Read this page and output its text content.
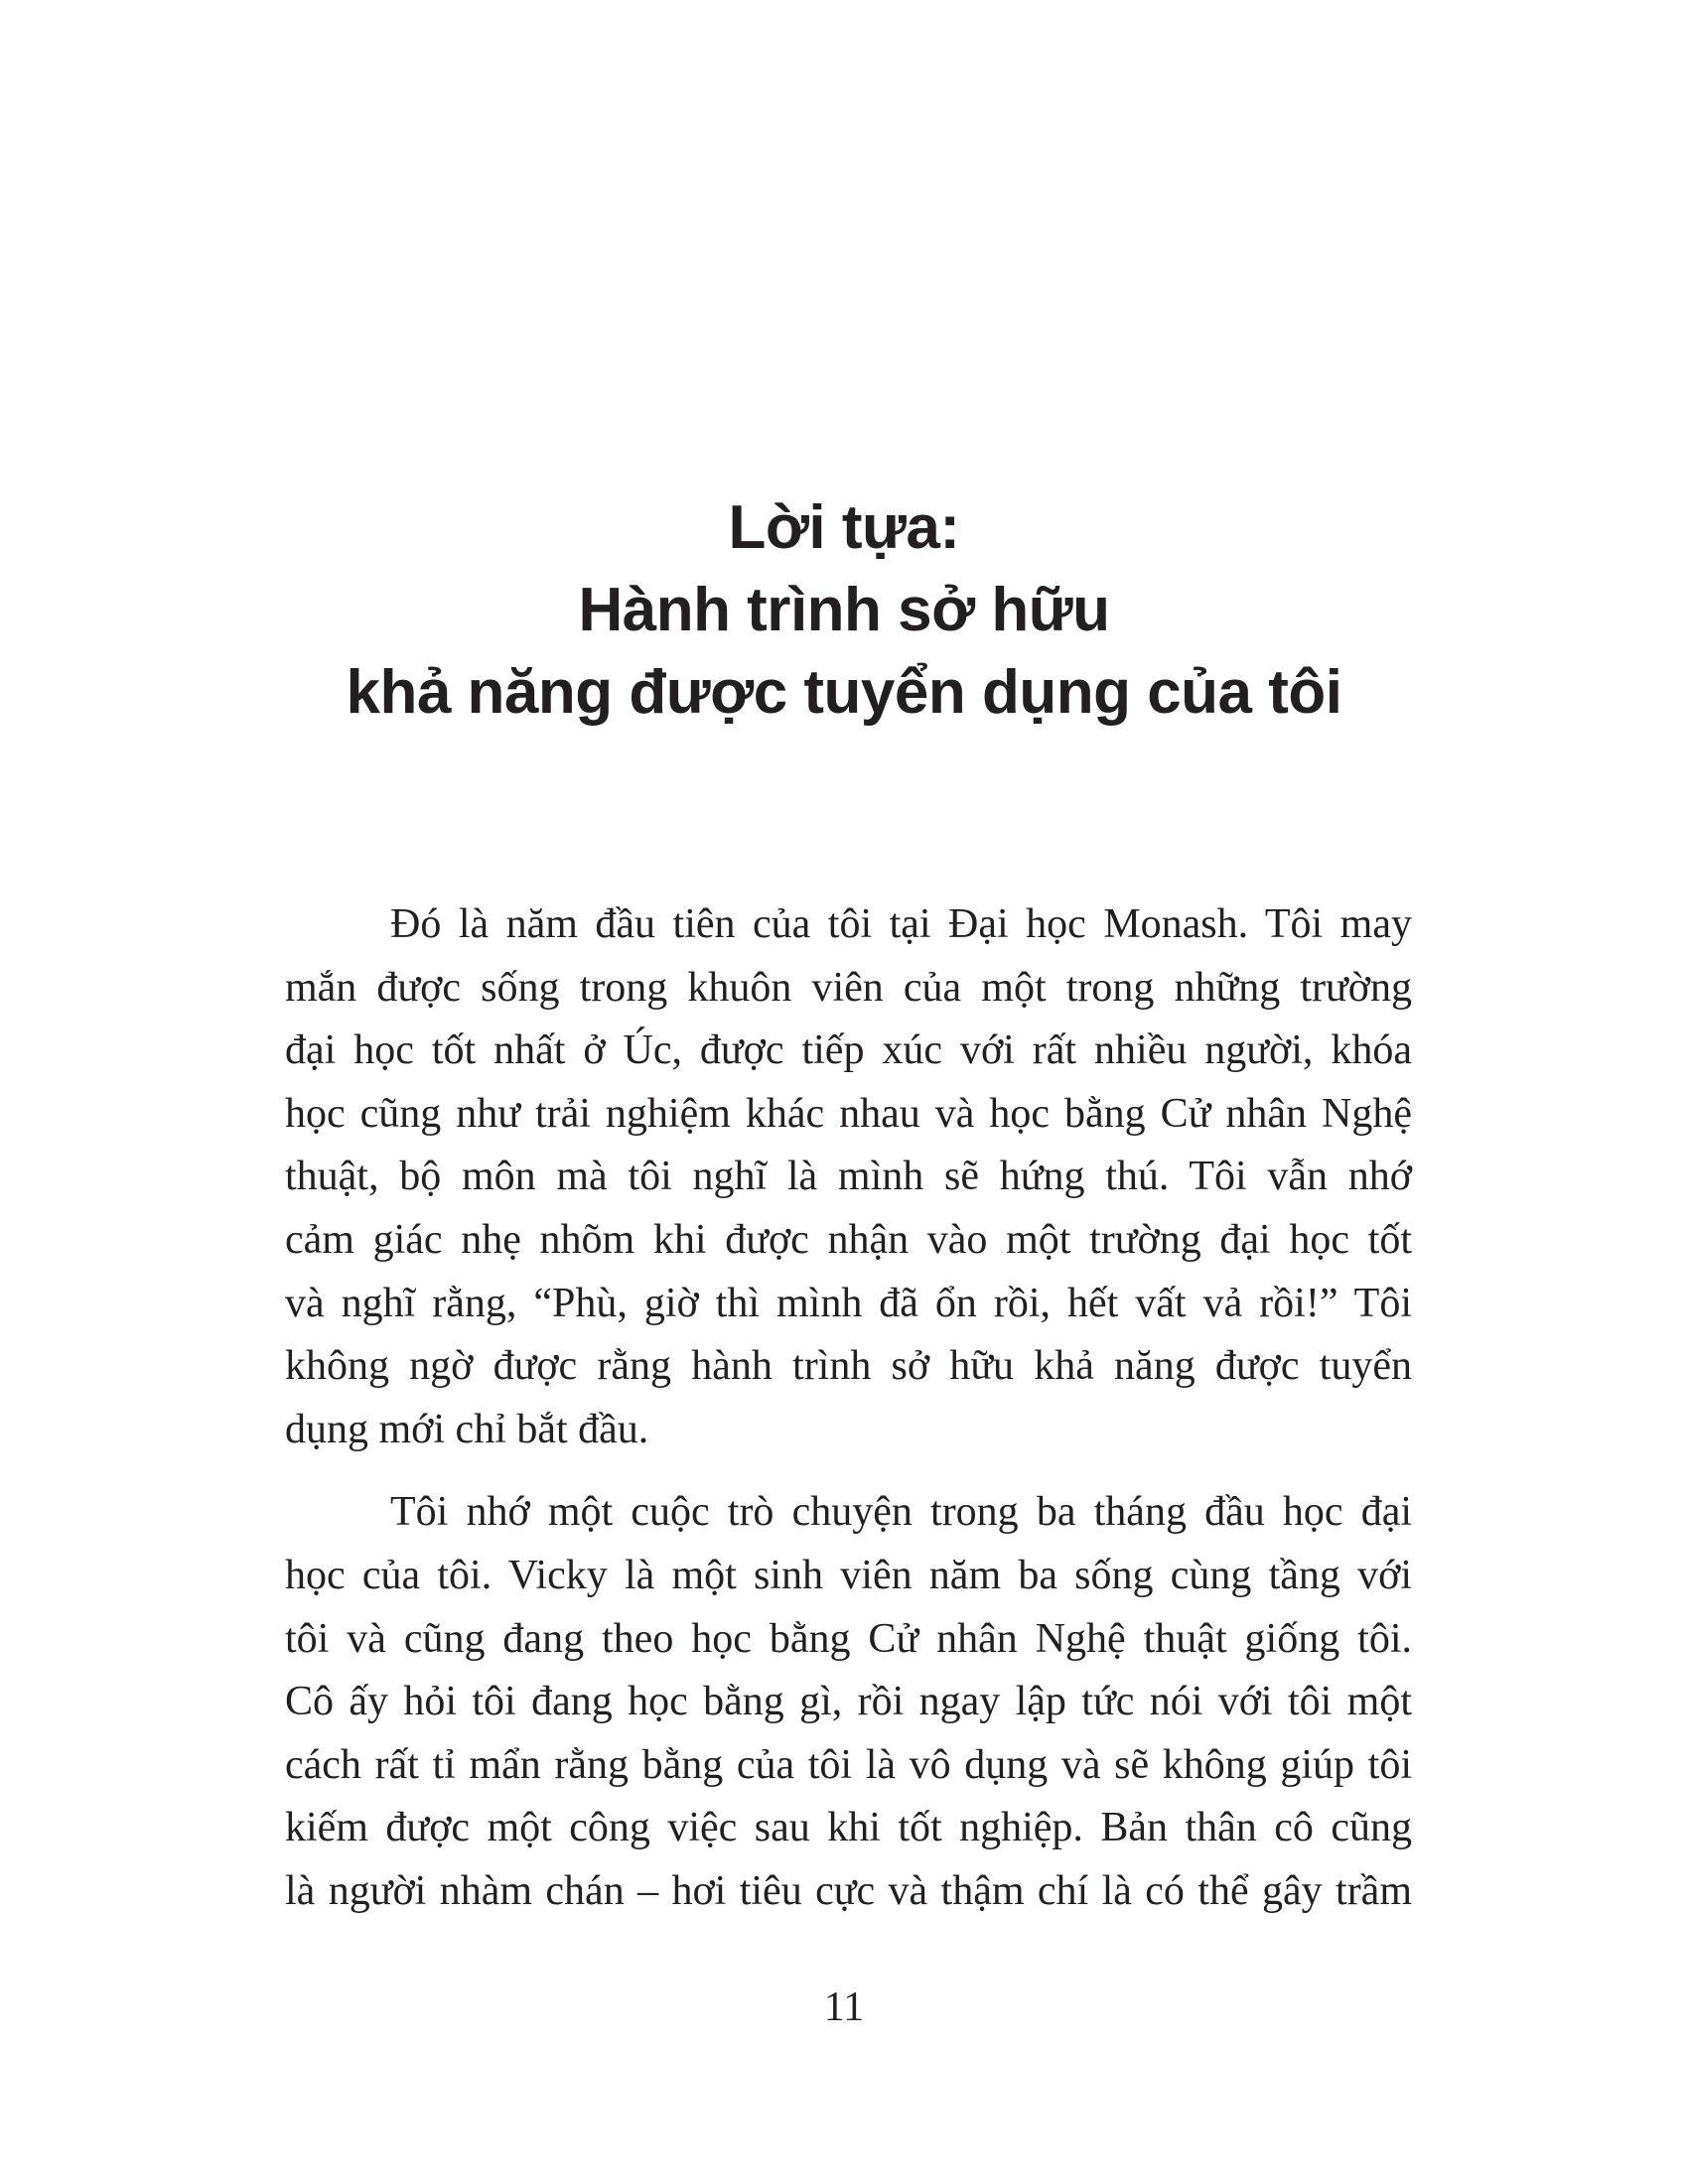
Lời tựa:
Hành trình sở hữu
khả năng được tuyển dụng của tôi

Đó là năm đầu tiên của tôi tại Đại học Monash. Tôi may
mắn được sống trong khuôn viên của một trong những trường
đại học tốt nhất ở Úc, được tiếp xúc với rất nhiều người, khóa
học cũng như trải nghiệm khác nhau và học bằng Cử nhân Nghệ
thuật, bộ môn mà tôi nghĩ là mình sẽ hứng thú. Tôi vẫn nhớ
cảm giác nhẹ nhõm khi được nhận vào một trường đại học tốt
và nghĩ rằng, “Phù, giờ thì mình đã ổn rồi, hết vất vả rồi!” Tôi
không ngờ được rằng hành trình sở hữu khả năng được tuyển
dụng mới chỉ bắt đầu.

Tôi nhớ một cuộc trò chuyện trong ba tháng đầu học đại
học của tôi. Vicky là một sinh viên năm ba sống cùng tầng với
tôi và cũng đang theo học bằng Cử nhân Nghệ thuật giống tôi.
Cô ấy hỏi tôi đang học bằng gì, rồi ngay lập tức nói với tôi một
cách rất tỉ mẩn rằng bằng của tôi là vô dụng và sẽ không giúp tôi
kiếm được một công việc sau khi tốt nghiệp. Bản thân cô cũng
là người nhàm chán – hơi tiêu cực và thậm chí là có thể gây trầm

11
